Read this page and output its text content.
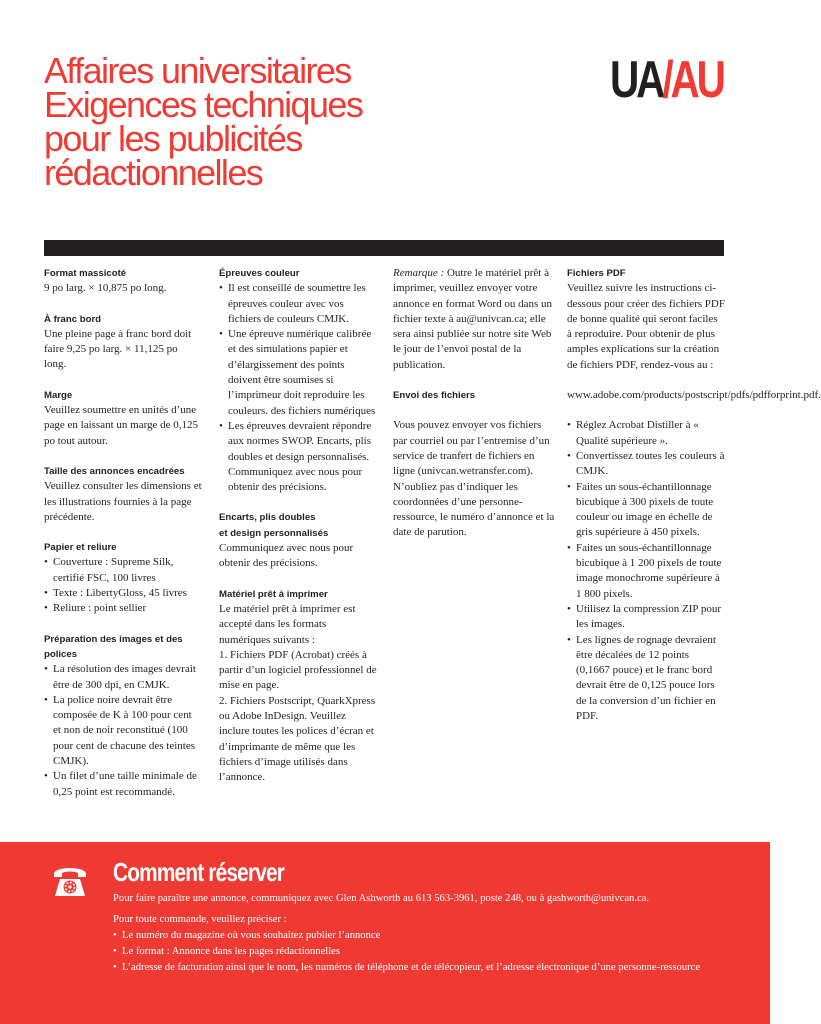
Affaires universitaires
Exigences techniques
pour les publicités
rédactionnelles
UA/AU
Format massicoté
9 po larg. × 10,875 po long.
À franc bord
Une pleine page à franc bord doit faire 9,25 po larg. × 11,125 po long.
Marge
Veuillez soumettre en unités d’une page en laissant un marge de 0,125 po tout autour.
Taille des annonces encadrées
Veuillez consulter les dimensions et les illustrations fournies à la page précédente.
Papier et reliure
• Couverture : Supreme Silk, certifié FSC, 100 livres
• Texte : LibertyGloss, 45 livres
• Reliure : point sellier
Préparation des images et des polices
• La résolution des images devrait être de 300 dpi, en CMJK.
• La police noire devrait être composée de K à 100 pour cent et non de noir reconstitué (100 pour cent de chacune des teintes CMJK).
• Un filet d’une taille minimale de 0,25 point est recommandé.
Épreuves couleur
• Il est conseillé de soumettre les épreuves couleur avec vos fichiers de couleurs CMJK.
• Une épreuve numérique calibrée et des simulations papier et d’élargissement des points doivent être soumises si l’imprimeur doit reproduire les couleurs. des fichiers numériques
• Les épreuves devraient répondre aux normes SWOP. Encarts, plis doubles et design personnalisés. Communiquez avec nous pour obtenir des précisions.
Encarts, plis doubles
et design personnalisés
Communiquez avec nous pour obtenir des précisions.
Matériel prêt à imprimer
Le matériel prêt à imprimer est accepté dans les formats numériques suivants :
1. Fichiers PDF (Acrobat) créés à partir d’un logiciel professionnel de mise en page.
2. Fichiers Postscript, QuarkXpress ou Adobe InDesign. Veuillez inclure toutes les polices d’écran et d’imprimante de même que les fichiers d’image utilisés dans l’annonce.
Remarque : Outre le matériel prêt à imprimer, veuillez envoyer votre annonce en format Word ou dans un fichier texte à au@univcan.ca; elle sera ainsi publiée sur notre site Web le jour de l’envoi postal de la publication.
Envoi des fichiers
Vous pouvez envoyer vos fichiers par courriel ou par l’entremise d’un service de tranfert de fichiers en ligne (univcan.wetransfer.com). N’oubliez pas d’indiquer les coordonnées d’une personne-ressource, le numéro d’annonce et la date de parution.
Fichiers PDF
Veuillez suivre les instructions ci-dessous pour créer des fichiers PDF de bonne qualité qui seront faciles à reproduire. Pour obtenir de plus amples explications sur la création de fichiers PDF, rendez-vous au :
www.adobe.com/products/postscript/pdfs/pdfforprint.pdf.
• Réglez Acrobat Distiller à « Qualité supérieure ».
• Convertissez toutes les couleurs à CMJK.
• Faites un sous-échantillonnage bicubique à 300 pixels de toute couleur ou image en échelle de gris supérieure à 450 pixels.
• Faites un sous-échantillonnage bicubique à 1 200 pixels de toute image monochrome supérieure à 1 800 pixels.
• Utilisez la compression ZIP pour les images.
• Les lignes de rognage devraient être décalées de 12 points (0,1667 pouce) et le franc bord devrait être de 0,125 pouce lors de la conversion d’un fichier en PDF.
Comment réserver

Pour faire paraître une annonce, communiquez avec Glen Ashworth au 613 563-3961, poste 248, ou à gashworth@univcan.ca.

Pour toute commande, veuillez préciser :

• Le numéro du magazine où vous souhaitez publier l’annonce
• Le format : Annonce dans les pages rédactionnelles
• L’adresse de facturation ainsi que le nom, les numéros de téléphone et de télécopieur, et l’adresse électronique d’une personne-ressource
